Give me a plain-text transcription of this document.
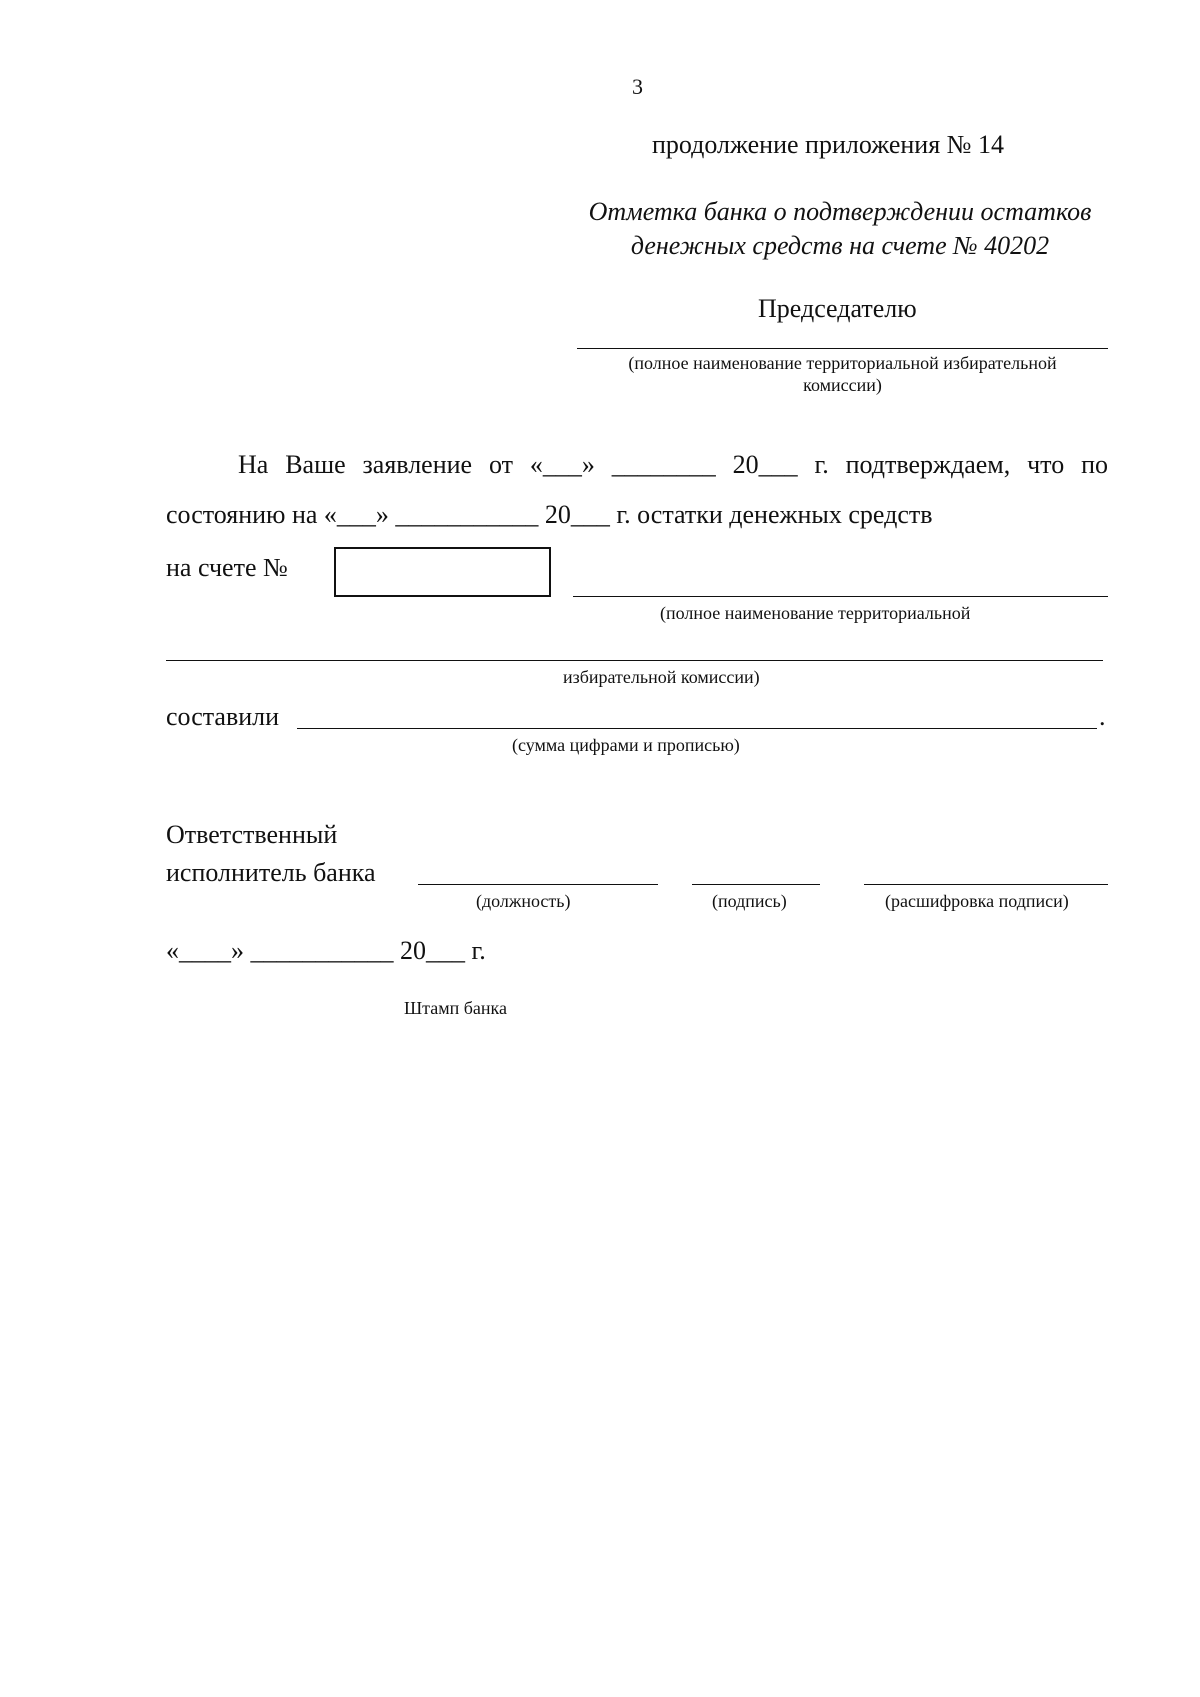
3
продолжение приложения № 14
Отметка банка о подтверждении остатков
денежных средств на счете № 40202
Председателю
(полное наименование территориальной избирательной
комиссии)
На Ваше заявление от «___» ________ 20___ г. подтверждаем, что по
состоянию на «___» ___________ 20___ г. остатки денежных средств
на счете №
(полное наименование территориальной
избирательной комиссии)
составили	.
(сумма цифрами и прописью)
Ответственный
исполнитель банка
(должность)	(подпись)	(расшифровка подписи)
«____» ___________ 20___ г.
Штамп банка
